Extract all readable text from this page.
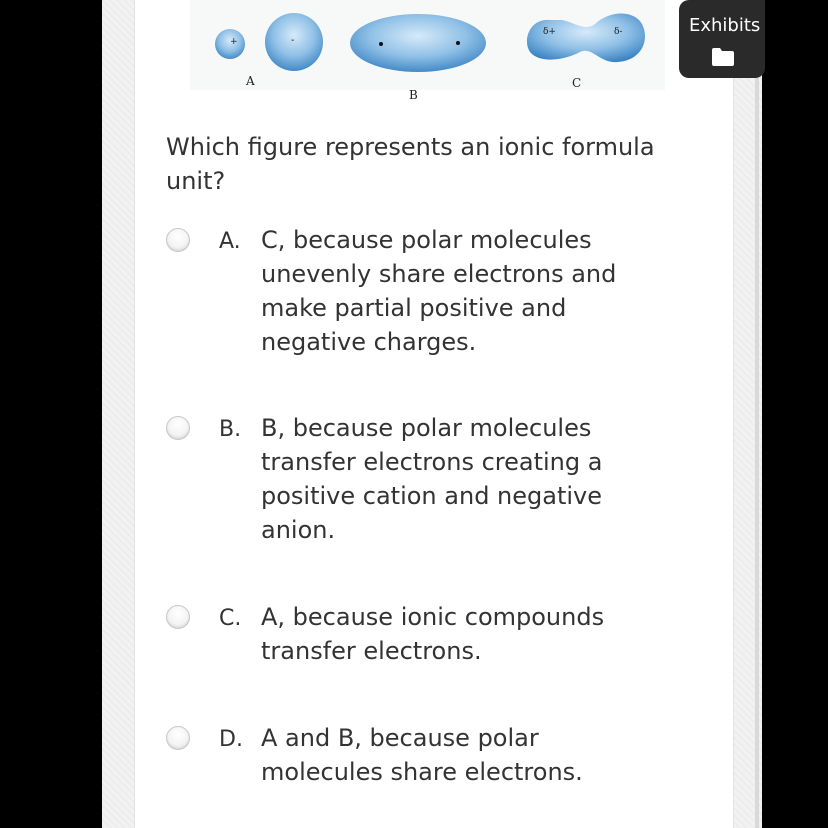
+	-
δ+	δ-
A
B
C
Exhibits
Which figure represents an ionic formula unit?
A. C, because polar molecules unevenly share electrons and make partial positive and negative charges.
B. B, because polar molecules transfer electrons creating a positive cation and negative anion.
C. A, because ionic compounds transfer electrons.
D. A and B, because polar molecules share electrons.
